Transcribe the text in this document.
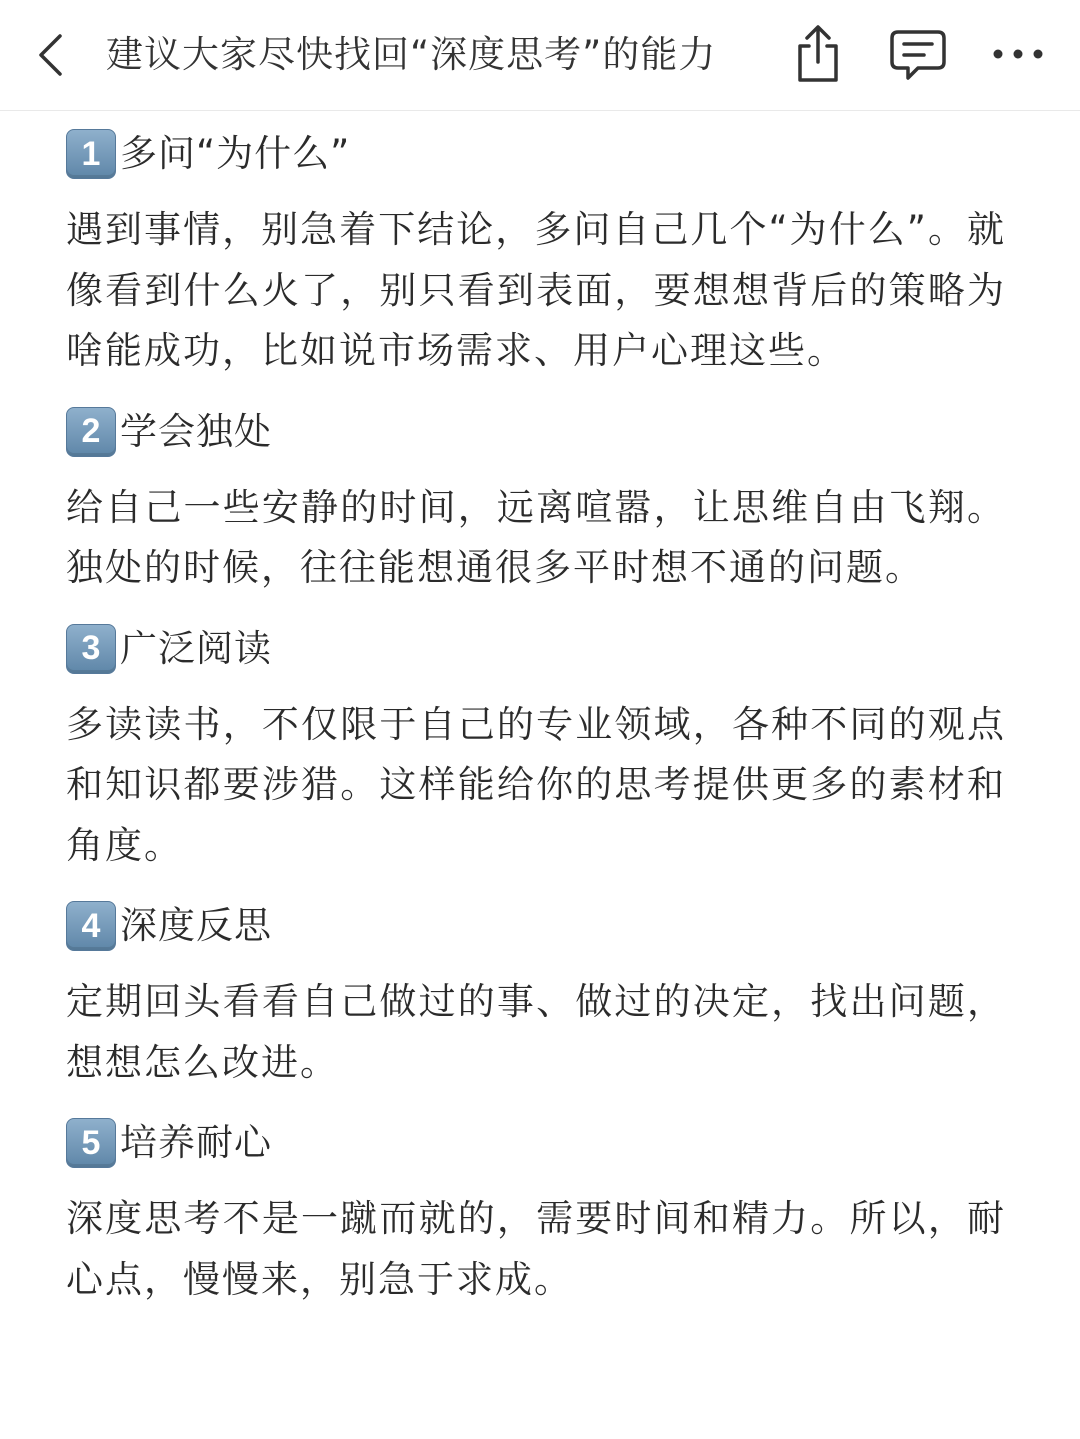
建议大家尽快找回“深度思考”的能力
1 多问“为什么”

遇到事情，别急着下结论，多问自己几个“为什么”。就像看到什么火了，别只看到表面，要想想背后的策略为啥能成功，比如说市场需求、用户心理这些。

2 学会独处

给自己一些安静的时间，远离喧嚣，让思维自由飞翔。独处的时候，往往能想通很多平时想不通的问题。

3 广泛阅读

多读读书，不仅限于自己的专业领域，各种不同的观点和知识都要涉猎。这样能给你的思考提供更多的素材和角度。

4 深度反思

定期回头看看自己做过的事、做过的决定，找出问题，想想怎么改进。

5 培养耐心

深度思考不是一蹴而就的，需要时间和精力。所以，耐心点，慢慢来，别急于求成。
